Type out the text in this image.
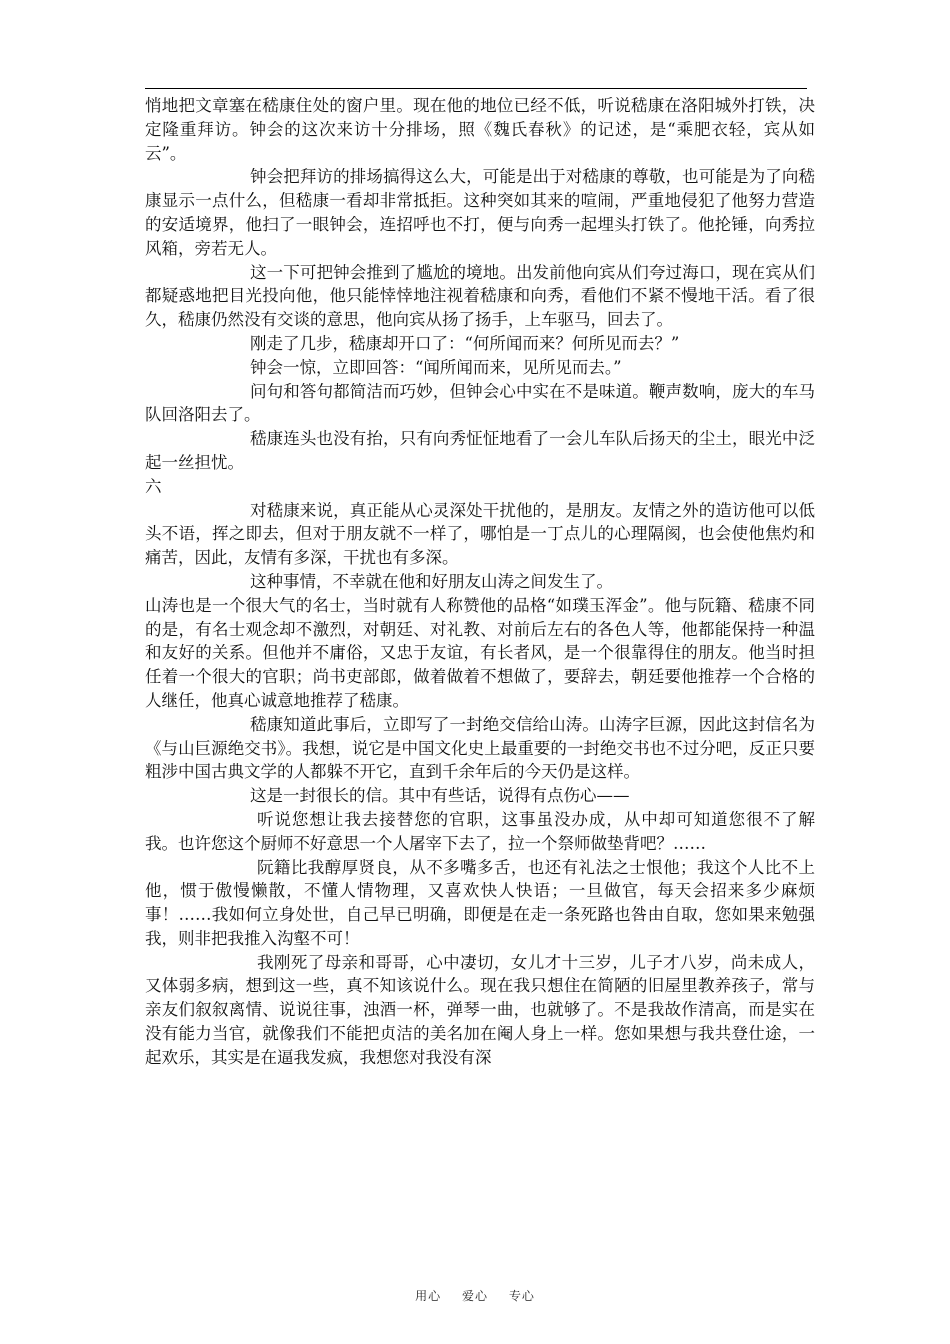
悄地把文章塞在嵇康住处的窗户里。现在他的地位已经不低，听说嵇康在洛阳城外打铁，决定隆重拜访。钟会的这次来访十分排场，照《魏氏春秋》的记述，是“乘肥衣轻，宾从如云”。

钟会把拜访的排场搞得这么大，可能是出于对嵇康的尊敬，也可能是为了向嵇康显示一点什么，但嵇康一看却非常抵拒。这种突如其来的喧闹，严重地侵犯了他努力营造的安适境界，他扫了一眼钟会，连招呼也不打，便与向秀一起埋头打铁了。他抡锤，向秀拉风箱，旁若无人。

这一下可把钟会推到了尴尬的境地。出发前他向宾从们夸过海口，现在宾从们都疑惑地把目光投向他，他只能悻悻地注视着嵇康和向秀，看他们不紧不慢地干活。看了很久，嵇康仍然没有交谈的意思，他向宾从扬了扬手，上车驱马，回去了。

刚走了几步，嵇康却开口了：“何所闻而来？何所见而去？”

钟会一惊，立即回答：“闻所闻而来，见所见而去。”

问句和答句都简洁而巧妙，但钟会心中实在不是味道。鞭声数响，庞大的车马队回洛阳去了。

嵇康连头也没有抬，只有向秀怔怔地看了一会儿车队后扬天的尘土，眼光中泛起一丝担忧。

六

对嵇康来说，真正能从心灵深处干扰他的，是朋友。友情之外的造访他可以低头不语，挥之即去，但对于朋友就不一样了，哪怕是一丁点儿的心理隔阂，也会使他焦灼和痛苦，因此，友情有多深，干扰也有多深。

这种事情，不幸就在他和好朋友山涛之间发生了。

山涛也是一个很大气的名士，当时就有人称赞他的品格“如璞玉浑金”。他与阮籍、嵇康不同的是，有名士观念却不激烈，对朝廷、对礼教、对前后左右的各色人等，他都能保持一种温和友好的关系。但他并不庸俗，又忠于友谊，有长者风，是一个很靠得住的朋友。他当时担任着一个很大的官职；尚书吏部郎，做着做着不想做了，要辞去，朝廷要他推荐一个合格的人继任，他真心诚意地推荐了嵇康。

嵇康知道此事后，立即写了一封绝交信给山涛。山涛字巨源，因此这封信名为《与山巨源绝交书》。我想，说它是中国文化史上最重要的一封绝交书也不过分吧，反正只要粗涉中国古典文学的人都躲不开它，直到千余年后的今天仍是这样。

这是一封很长的信。其中有些话，说得有点伤心——

听说您想让我去接替您的官职，这事虽没办成，从中却可知道您很不了解我。也许您这个厨师不好意思一个人屠宰下去了，拉一个祭师做垫背吧？……

阮籍比我醇厚贤良，从不多嘴多舌，也还有礼法之士恨他；我这个人比不上他，惯于傲慢懒散，不懂人情物理，又喜欢快人快语；一旦做官，每天会招来多少麻烦事！……我如何立身处世，自己早已明确，即便是在走一条死路也咎由自取，您如果来勉强我，则非把我推入沟壑不可！

我刚死了母亲和哥哥，心中凄切，女儿才十三岁，儿子才八岁，尚未成人，又体弱多病，想到这一些，真不知该说什么。现在我只想住在简陋的旧屋里教养孩子，常与亲友们叙叙离情、说说往事，浊酒一杯，弹琴一曲，也就够了。不是我故作清高，而是实在没有能力当官，就像我们不能把贞洁的美名加在阉人身上一样。您如果想与我共登仕途，一起欢乐，其实是在逼我发疯，我想您对我没有深

用心 爱心 专心
